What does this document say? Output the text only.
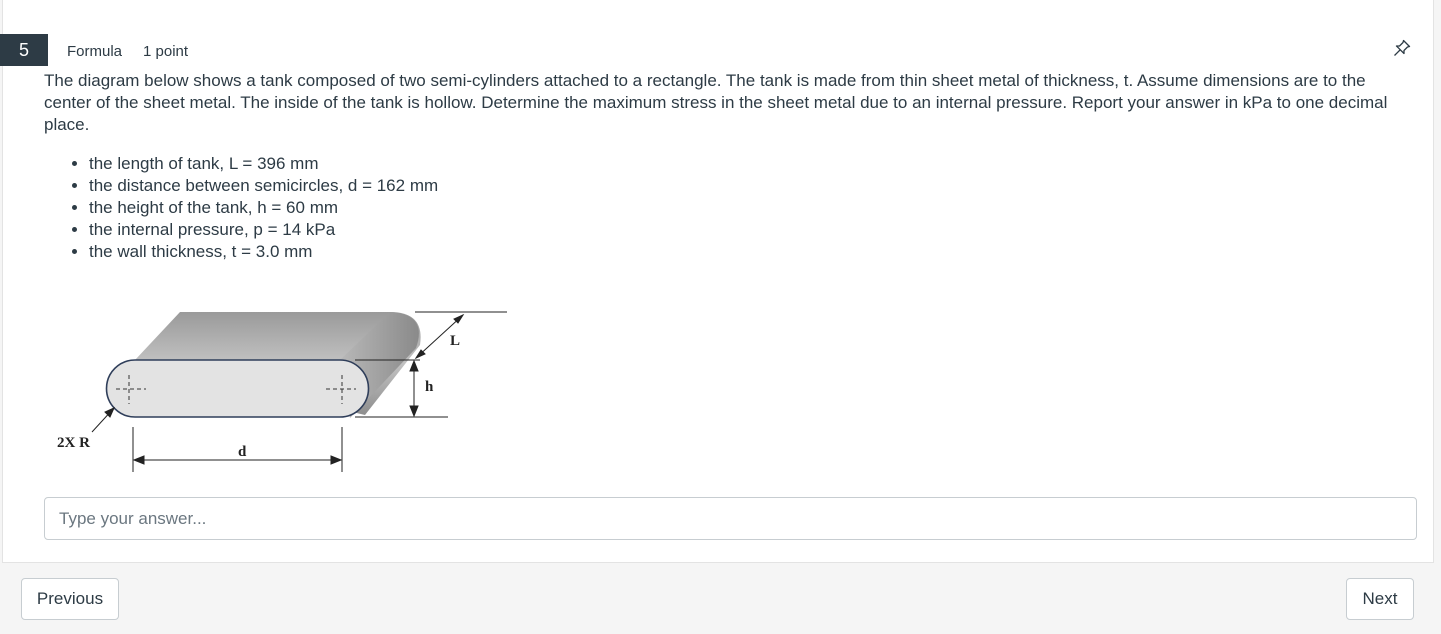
5	Formula 1 point

The diagram below shows a tank composed of two semi-cylinders attached to a rectangle. The tank is made from thin sheet metal of thickness, t. Assume dimensions are to the center of the sheet metal. The inside of the tank is hollow. Determine the maximum stress in the sheet metal due to an internal pressure. Report your answer in kPa to one decimal place.

• the length of tank, L = 396 mm
• the distance between semicircles, d = 162 mm
• the height of the tank, h = 60 mm
• the internal pressure, p = 14 kPa
• the wall thickness, t = 3.0 mm
L
h
d
2X R
Type your answer...
Previous	Next
